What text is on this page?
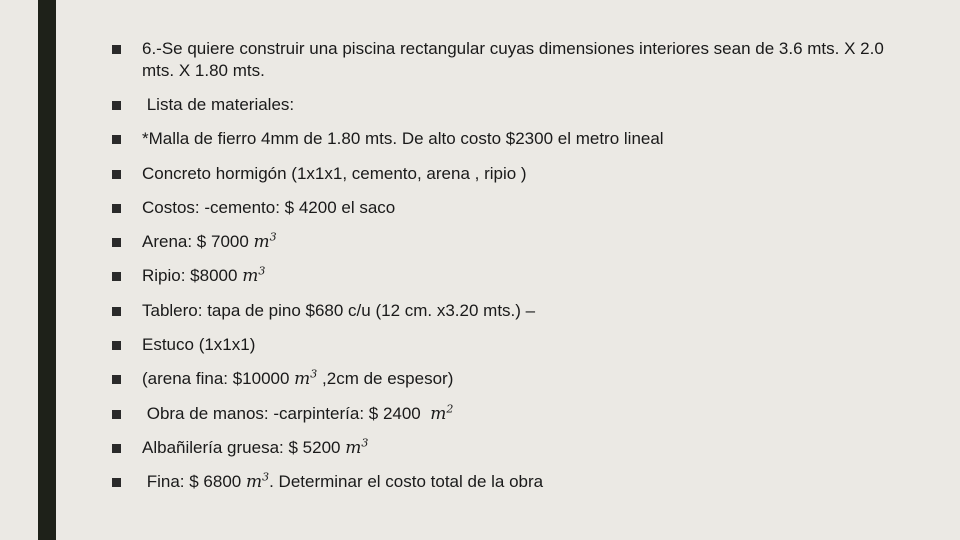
6.-Se quiere construir una piscina rectangular cuyas dimensiones interiores sean de 3.6 mts. X 2.0 mts. X 1.80 mts.
Lista de materiales:
*Malla de fierro 4mm de 1.80 mts. De alto costo $2300 el metro lineal
Concreto hormigón (1x1x1, cemento, arena , ripio )
Costos: -cemento: $ 4200 el saco
Arena: $ 7000 $m^3$
Ripio: $8000 $m^3$
Tablero: tapa de pino $680 c/u (12 cm. x3.20 mts.) –
Estuco (1x1x1)
(arena fina: $10000 $m^3$ ,2cm de espesor)
Obra de manos: -carpintería: $ 2400  $m^2$
Albañilería gruesa: $ 5200 $m^3$
Fina: $ 6800 $m^3$. Determinar el costo total de la obra
